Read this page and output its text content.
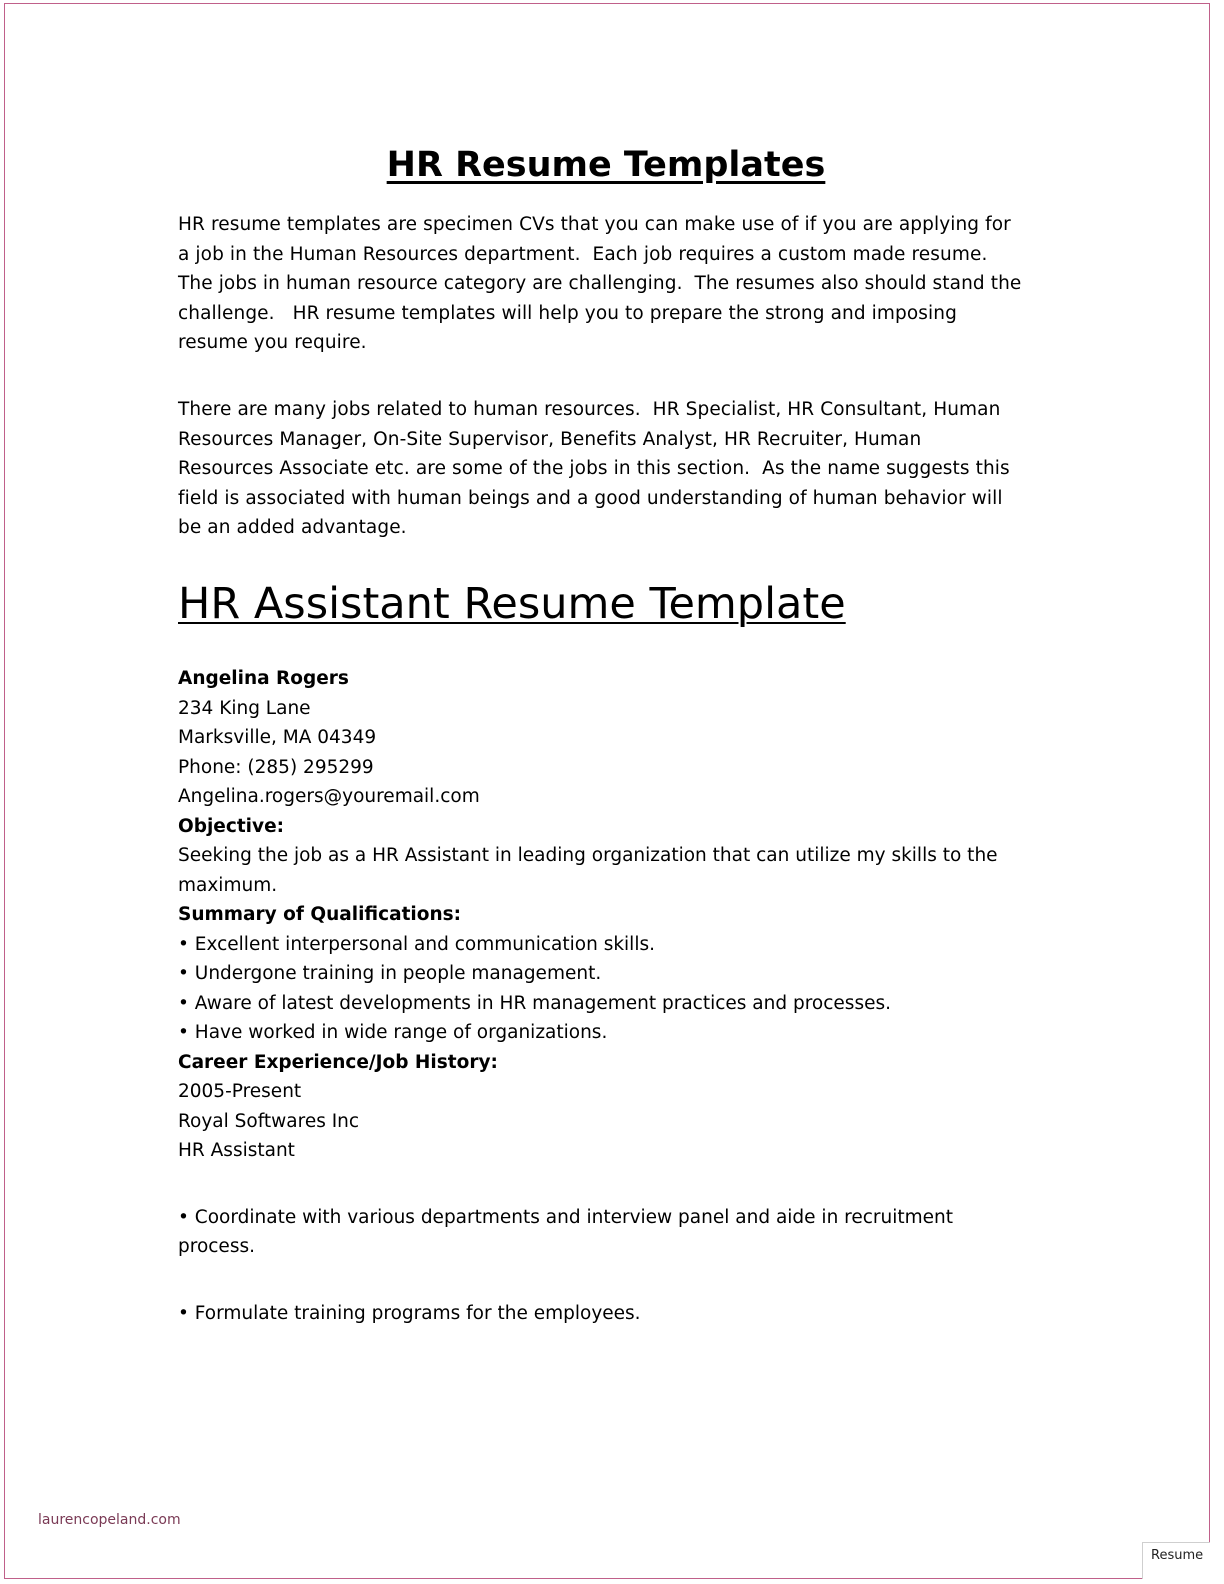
HR Resume Templates
HR resume templates are specimen CVs that you can make use of if you are applying for
a job in the Human Resources department.  Each job requires a custom made resume.
The jobs in human resource category are challenging.  The resumes also should stand the
challenge.   HR resume templates will help you to prepare the strong and imposing
resume you require.
There are many jobs related to human resources.  HR Specialist, HR Consultant, Human
Resources Manager, On-Site Supervisor, Benefits Analyst, HR Recruiter, Human
Resources Associate etc. are some of the jobs in this section.  As the name suggests this
field is associated with human beings and a good understanding of human behavior will
be an added advantage.
HR Assistant Resume Template
Angelina Rogers
234 King Lane
Marksville, MA 04349
Phone: (285) 295299
Angelina.rogers@youremail.com
Objective:
Seeking the job as a HR Assistant in leading organization that can utilize my skills to the
maximum.
Summary of Qualifications:
• Excellent interpersonal and communication skills.
• Undergone training in people management.
• Aware of latest developments in HR management practices and processes.
• Have worked in wide range of organizations.
Career Experience/Job History:
2005-Present
Royal Softwares Inc
HR Assistant
• Coordinate with various departments and interview panel and aide in recruitment
process.
• Formulate training programs for the employees.
laurencopeland.com
Resume
